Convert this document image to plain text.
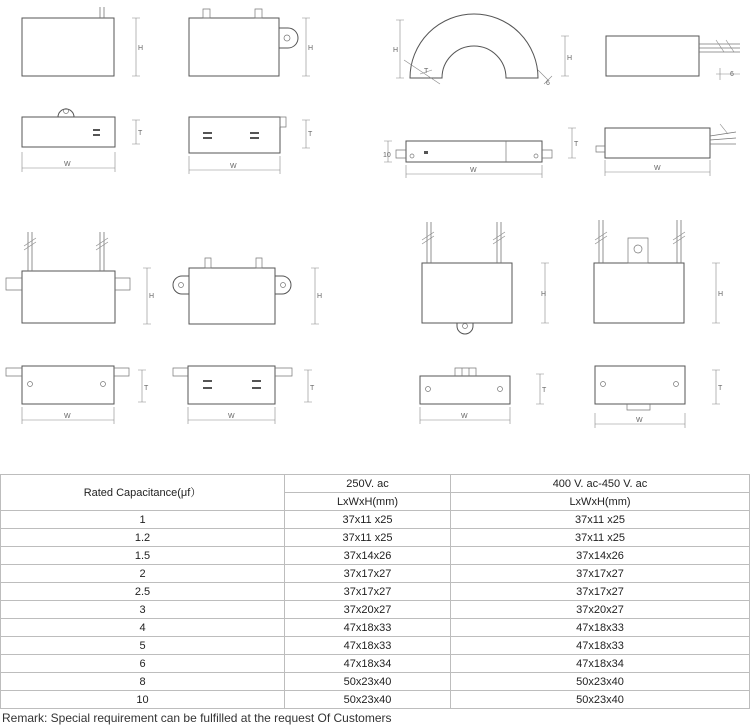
H
T
W
H
T
W
H
T
6
10
W
H
6
T
W
H
T
W
H
T
W
H
T
W
H
T
W
Rated Capacitance(μf）	250V. ac	400 V. ac-450 V. ac
	LxWxH(mm)	LxWxH(mm)
1	37x11 x25	37x11 x25
1.2	37x11 x25	37x11 x25
1.5	37x14x26	37x14x26
2	37x17x27	37x17x27
2.5	37x17x27	37x17x27
3	37x20x27	37x20x27
4	47x18x33	47x18x33
5	47x18x33	47x18x33
6	47x18x34	47x18x34
8	50x23x40	50x23x40
10	50x23x40	50x23x40
Remark: Special requirement can be fulfilled at the request Of Customers
